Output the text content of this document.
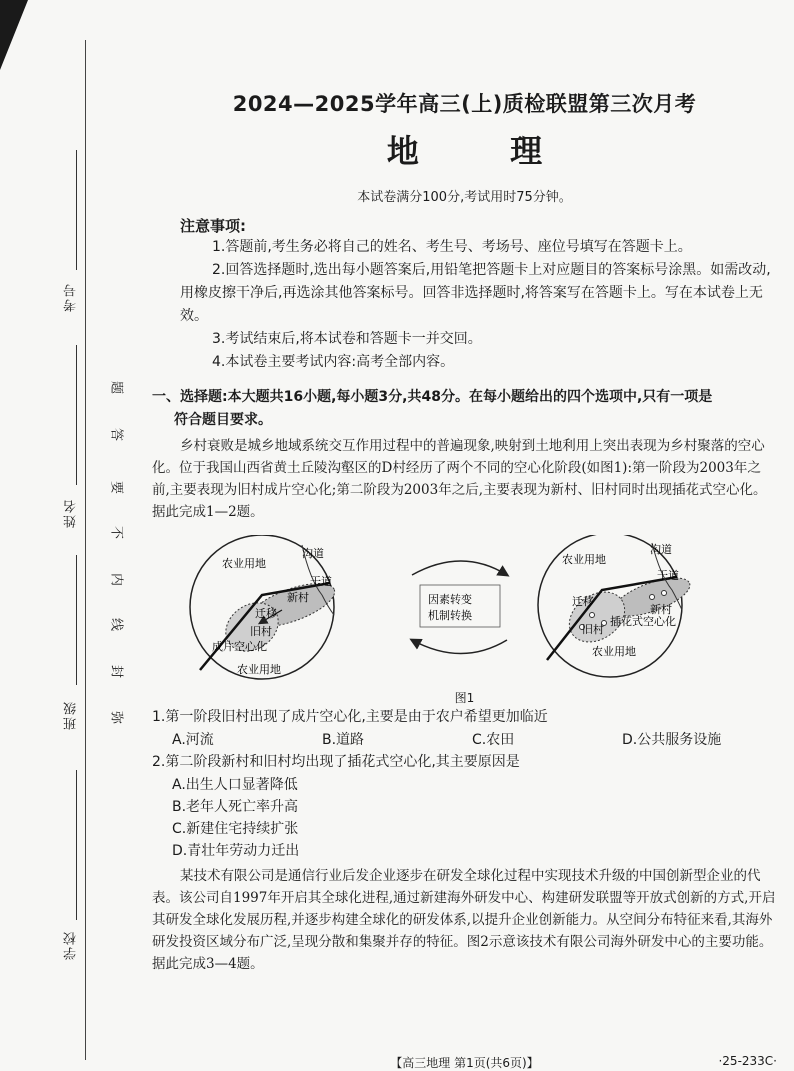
考号
姓名
班级
学校
题
答
要
不
内
线
封
弥
2024—2025学年高三(上)质检联盟第三次月考
地 理
本试卷满分100分,考试用时75分钟。
注意事项:
1.答题前,考生务必将自己的姓名、考生号、考场号、座位号填写在答题卡上。
2.回答选择题时,选出每小题答案后,用铅笔把答题卡上对应题目的答案标号涂黑。如需改动,用橡皮擦干净后,再选涂其他答案标号。回答非选择题时,将答案写在答题卡上。写在本试卷上无效。
3.考试结束后,将本试卷和答题卡一并交回。
4.本试卷主要考试内容:高考全部内容。
一、选择题:本大题共16小题,每小题3分,共48分。在每小题给出的四个选项中,只有一项是
符合题目要求。
乡村衰败是城乡地域系统交互作用过程中的普遍现象,映射到土地利用上突出表现为乡村聚落的空心化。位于我国山西省黄土丘陵沟壑区的D村经历了两个不同的空心化阶段(如图1):第一阶段为2003年之前,主要表现为旧村成片空心化;第二阶段为2003年之后,主要表现为新村、旧村同时出现插花式空心化。据此完成1—2题。
农业用地
沟道
干道
新村
迁移
旧村
成片空心化
农业用地
因素转变
机制转换
农业用地
沟道
干道
新村
迁移
旧村
插花式空心化
农业用地
图1
1.第一阶段旧村出现了成片空心化,主要是由于农户希望更加临近
A.河流	B.道路	C.农田	D.公共服务设施
2.第二阶段新村和旧村均出现了插花式空心化,其主要原因是
A.出生人口显著降低
B.老年人死亡率升高
C.新建住宅持续扩张
D.青壮年劳动力迁出
某技术有限公司是通信行业后发企业逐步在研发全球化过程中实现技术升级的中国创新型企业的代表。该公司自1997年开启其全球化进程,通过新建海外研发中心、构建研发联盟等开放式创新的方式,开启其研发全球化发展历程,并逐步构建全球化的研发体系,以提升企业创新能力。从空间分布特征来看,其海外研发投资区域分布广泛,呈现分散和集聚并存的特征。图2示意该技术有限公司海外研发中心的主要功能。据此完成3—4题。
【高三地理 第1页(共6页)】	·25-233C·
